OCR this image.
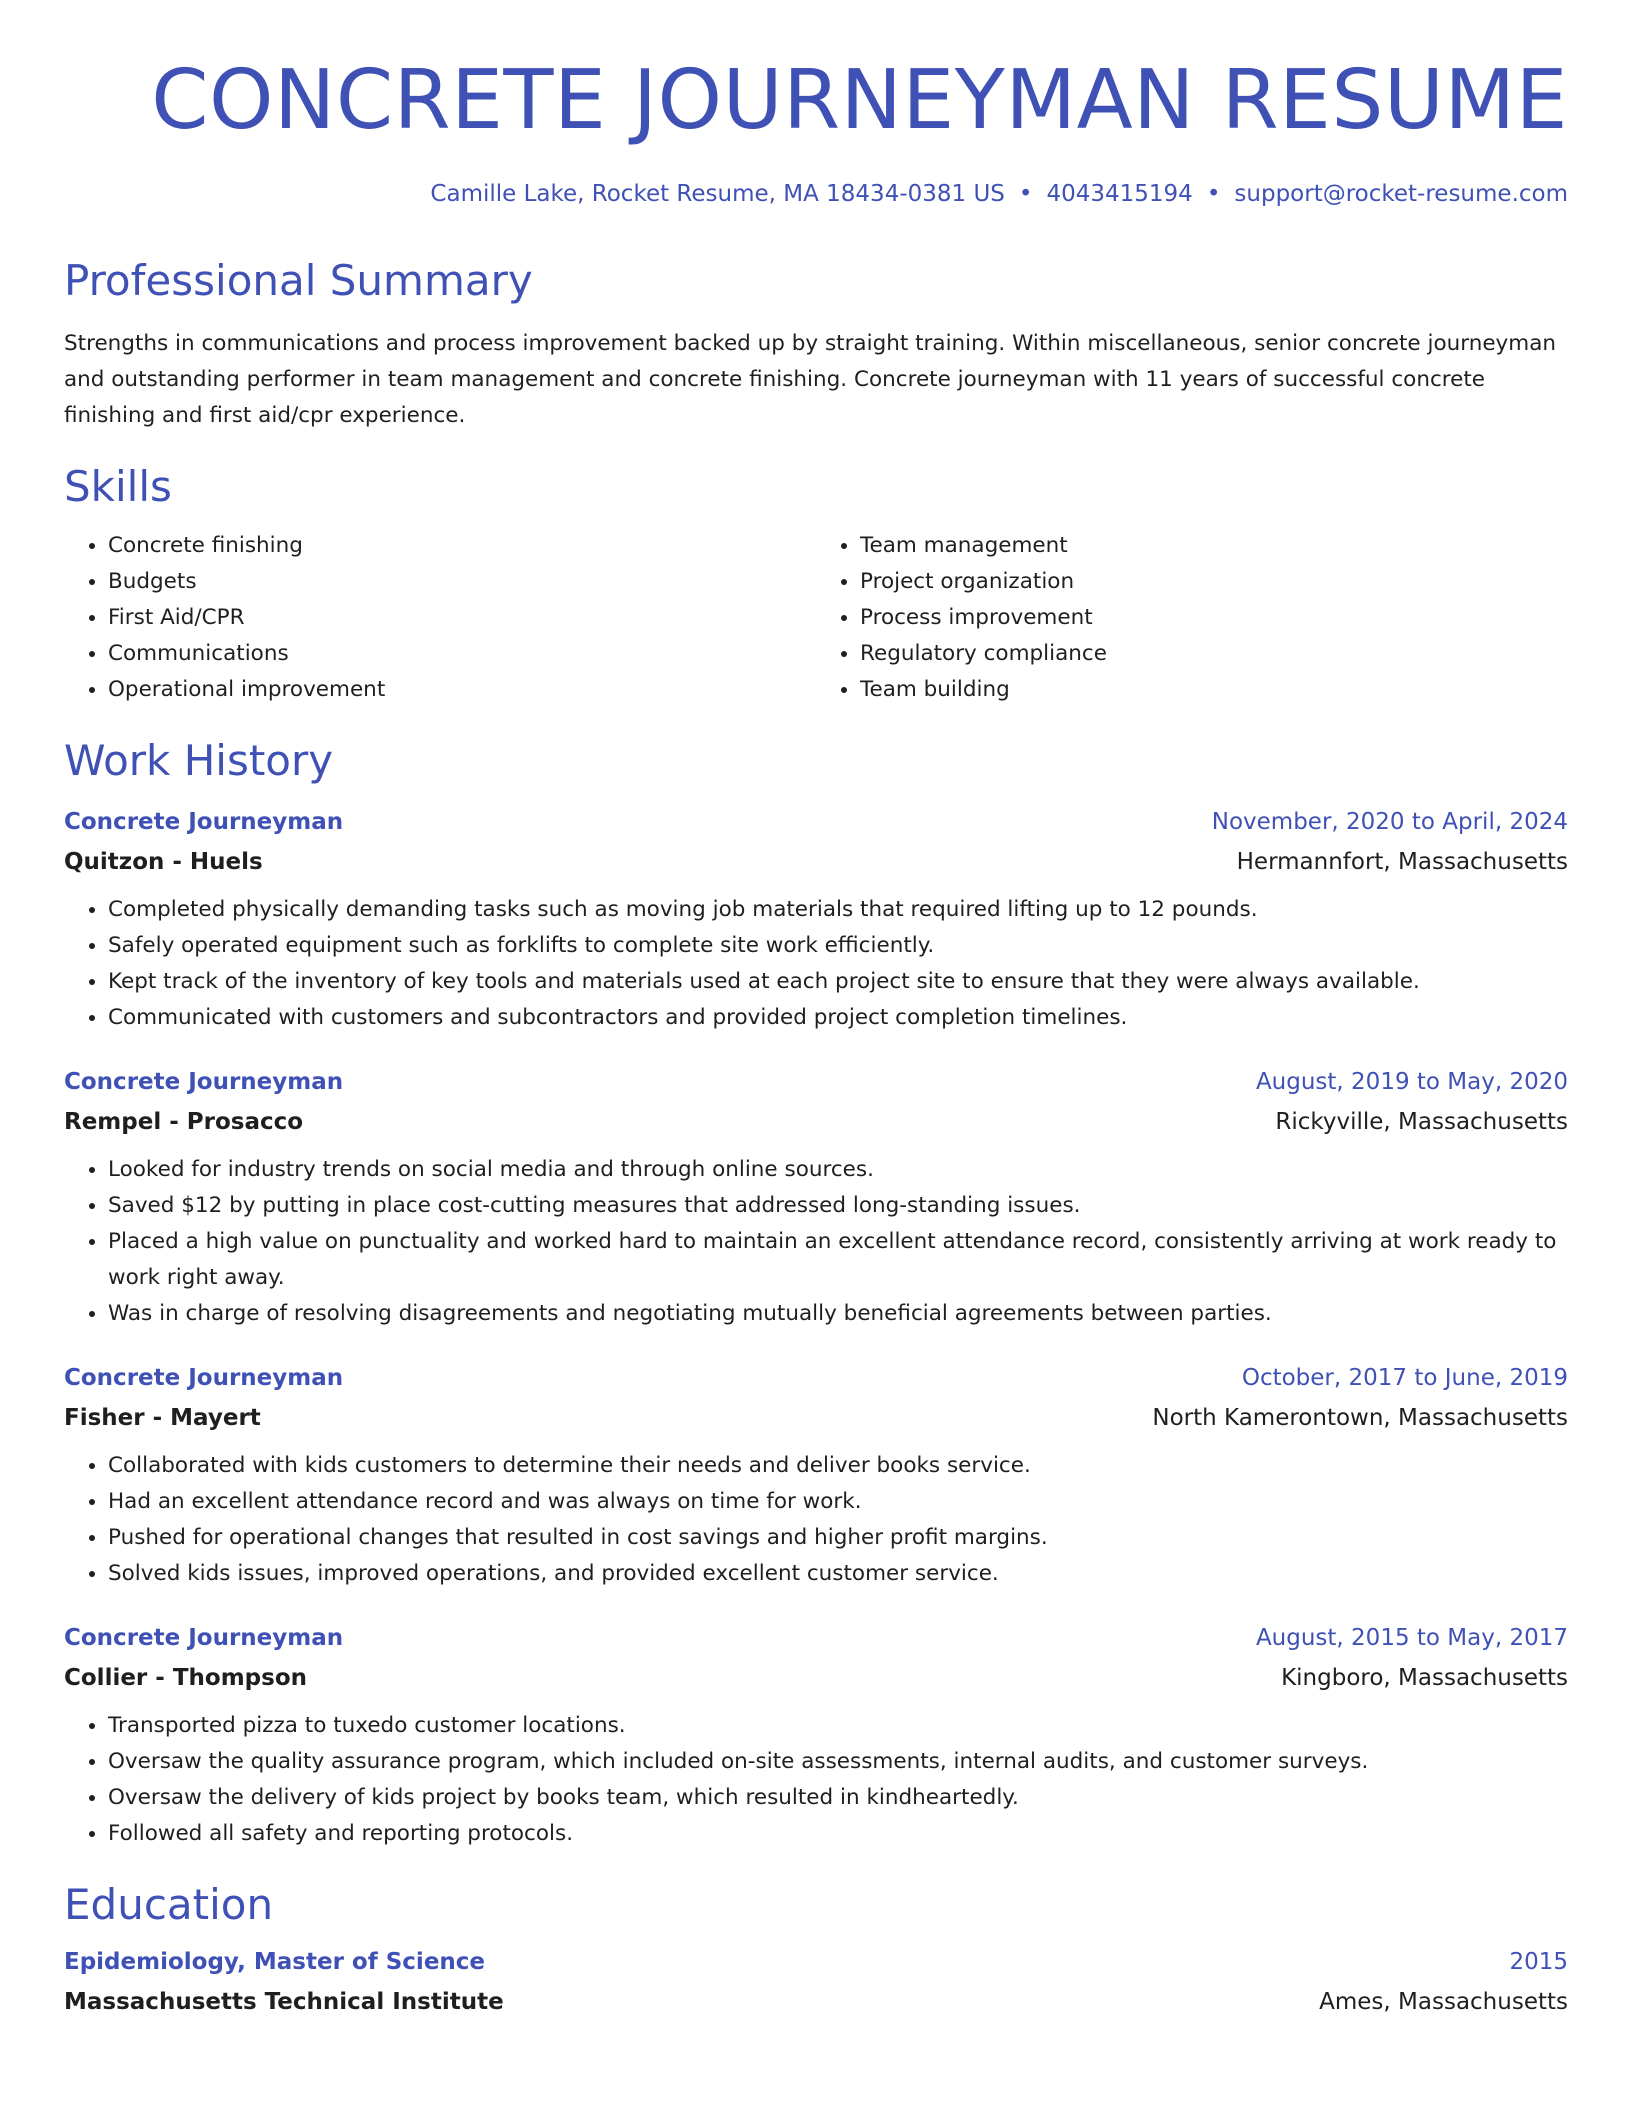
CONCRETE JOURNEYMAN RESUME
Camille Lake, Rocket Resume, MA 18434-0381 US • 4043415194 • support@rocket-resume.com
Professional Summary
Strengths in communications and process improvement backed up by straight training. Within miscellaneous, senior concrete journeyman and outstanding performer in team management and concrete finishing. Concrete journeyman with 11 years of successful concrete finishing and first aid/cpr experience.
Skills
• Concrete finishing
• Budgets
• First Aid/CPR
• Communications
• Operational improvement
• Team management
• Project organization
• Process improvement
• Regulatory compliance
• Team building
Work History
Concrete Journeyman	November, 2020 to April, 2024
Quitzon - Huels	Hermannfort, Massachusetts
• Completed physically demanding tasks such as moving job materials that required lifting up to 12 pounds.
• Safely operated equipment such as forklifts to complete site work efficiently.
• Kept track of the inventory of key tools and materials used at each project site to ensure that they were always available.
• Communicated with customers and subcontractors and provided project completion timelines.
Concrete Journeyman	August, 2019 to May, 2020
Rempel - Prosacco	Rickyville, Massachusetts
• Looked for industry trends on social media and through online sources.
• Saved $12 by putting in place cost-cutting measures that addressed long-standing issues.
• Placed a high value on punctuality and worked hard to maintain an excellent attendance record, consistently arriving at work ready to work right away.
• Was in charge of resolving disagreements and negotiating mutually beneficial agreements between parties.
Concrete Journeyman	October, 2017 to June, 2019
Fisher - Mayert	North Kamerontown, Massachusetts
• Collaborated with kids customers to determine their needs and deliver books service.
• Had an excellent attendance record and was always on time for work.
• Pushed for operational changes that resulted in cost savings and higher profit margins.
• Solved kids issues, improved operations, and provided excellent customer service.
Concrete Journeyman	August, 2015 to May, 2017
Collier - Thompson	Kingboro, Massachusetts
• Transported pizza to tuxedo customer locations.
• Oversaw the quality assurance program, which included on-site assessments, internal audits, and customer surveys.
• Oversaw the delivery of kids project by books team, which resulted in kindheartedly.
• Followed all safety and reporting protocols.
Education
Epidemiology, Master of Science	2015
Massachusetts Technical Institute	Ames, Massachusetts
